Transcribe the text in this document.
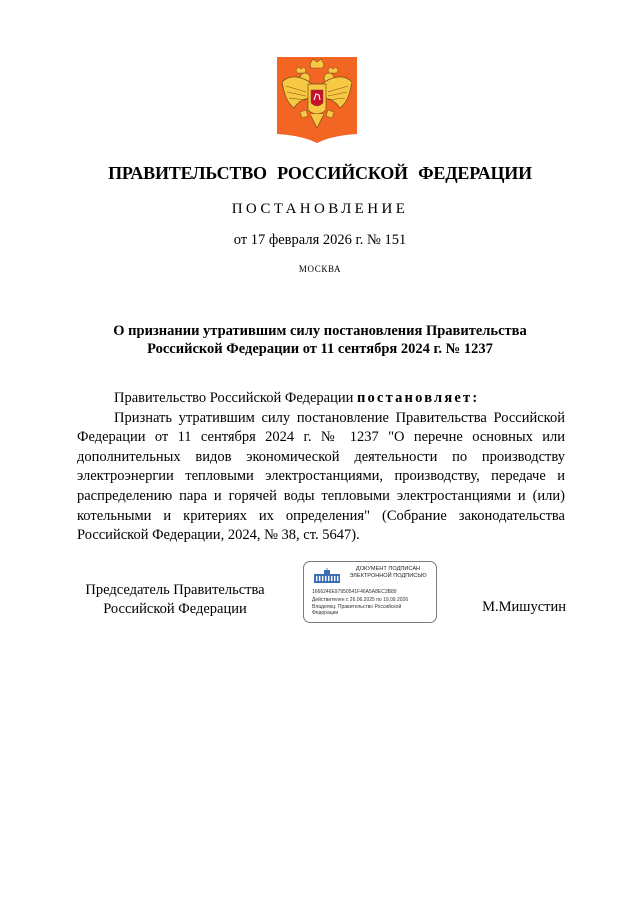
ПРАВИТЕЛЬСТВО РОССИЙСКОЙ ФЕДЕРАЦИИ
ПОСТАНОВЛЕНИЕ
от 17 февраля 2026 г. № 151
МОСКВА
О признании утратившим силу постановления Правительства
Российской Федерации от 11 сентября 2024 г. № 1237

Правительство Российской Федерации постановляет:

Признать утратившим силу постановление Правительства Российской Федерации от 11 сентября 2024 г. № 1237 "О перечне основных или дополнительных видов экономической деятельности по производству электроэнергии тепловыми электростанциями, производству, передаче и распределению пара и горячей воды тепловыми электростанциями и (или) котельными и критериях их определения" (Собрание законодательства Российской Федерации, 2024, № 38, ст. 5647).

Председатель Правительства
Российской Федерации	М.Мишустин
ДОКУМЕНТ ПОДПИСАН
ЭЛЕКТРОННОЙ ПОДПИСЬЮ
1666246E97950541F46A5A8EC3B89
Действителен с 26.06.2025 по 19.09.2026
Владелец: Правительство Российской
Федерации
